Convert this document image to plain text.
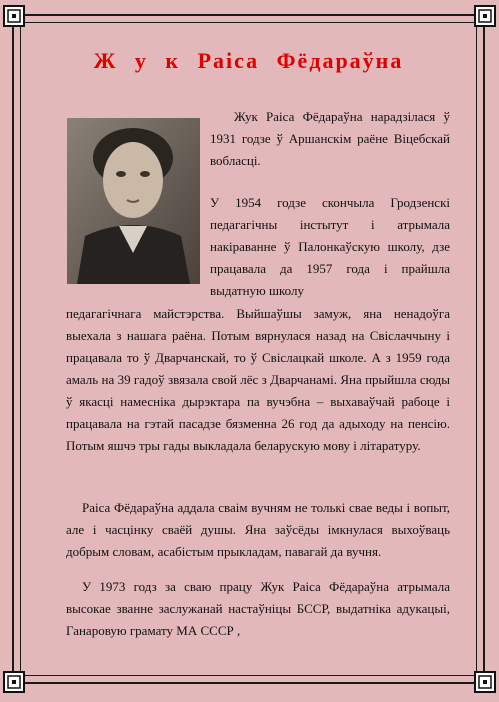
Ж у к Раіса Фёдараўна
Жук Раіса Фёдараўна нарадзілася ў 1931 годзе ў Аршанскім раёне Віцебскай вобласці.
У 1954 годзе скончыла Гродзенскі педагагічны інстытут і атрымала накіраванне ў Палонкаўскую школу, дзе працавала да 1957 года і прайшла выдатную школу
педагагічнага майстэрства. Выйшаўшы замуж, яна ненадоўга выехала з нашага раёна. Потым вярнулася назад на Свіслаччыну і працавала то ў Дварчанскай, то ў Свіслацкай школе. А з 1959 года амаль на 39 гадоў звязала свой лёс з Дварчанамі. Яна прыйшла сюды ў якасці намесніка дырэктара па вучэбна – выхаваўчай рабоце і працавала на гэтай пасадзе бязменна 26 год да адыходу на пенсію. Потым яшчэ тры гады выкладала беларускую мову і літаратуру.
Раіса Фёдараўна аддала сваім вучням не толькі свае веды і вопыт, але і часцінку сваёй душы. Яна заўсёды імкнулася выхоўваць добрым словам, асабістым прыкладам, павагай да вучня.
У 1973 годз за сваю працу Жук Раіса Фёдараўна атрымала высокае званне заслужанай настаўніцы БССР, выдатніка адукацыі, Ганаровую грамату МА СССР ,
